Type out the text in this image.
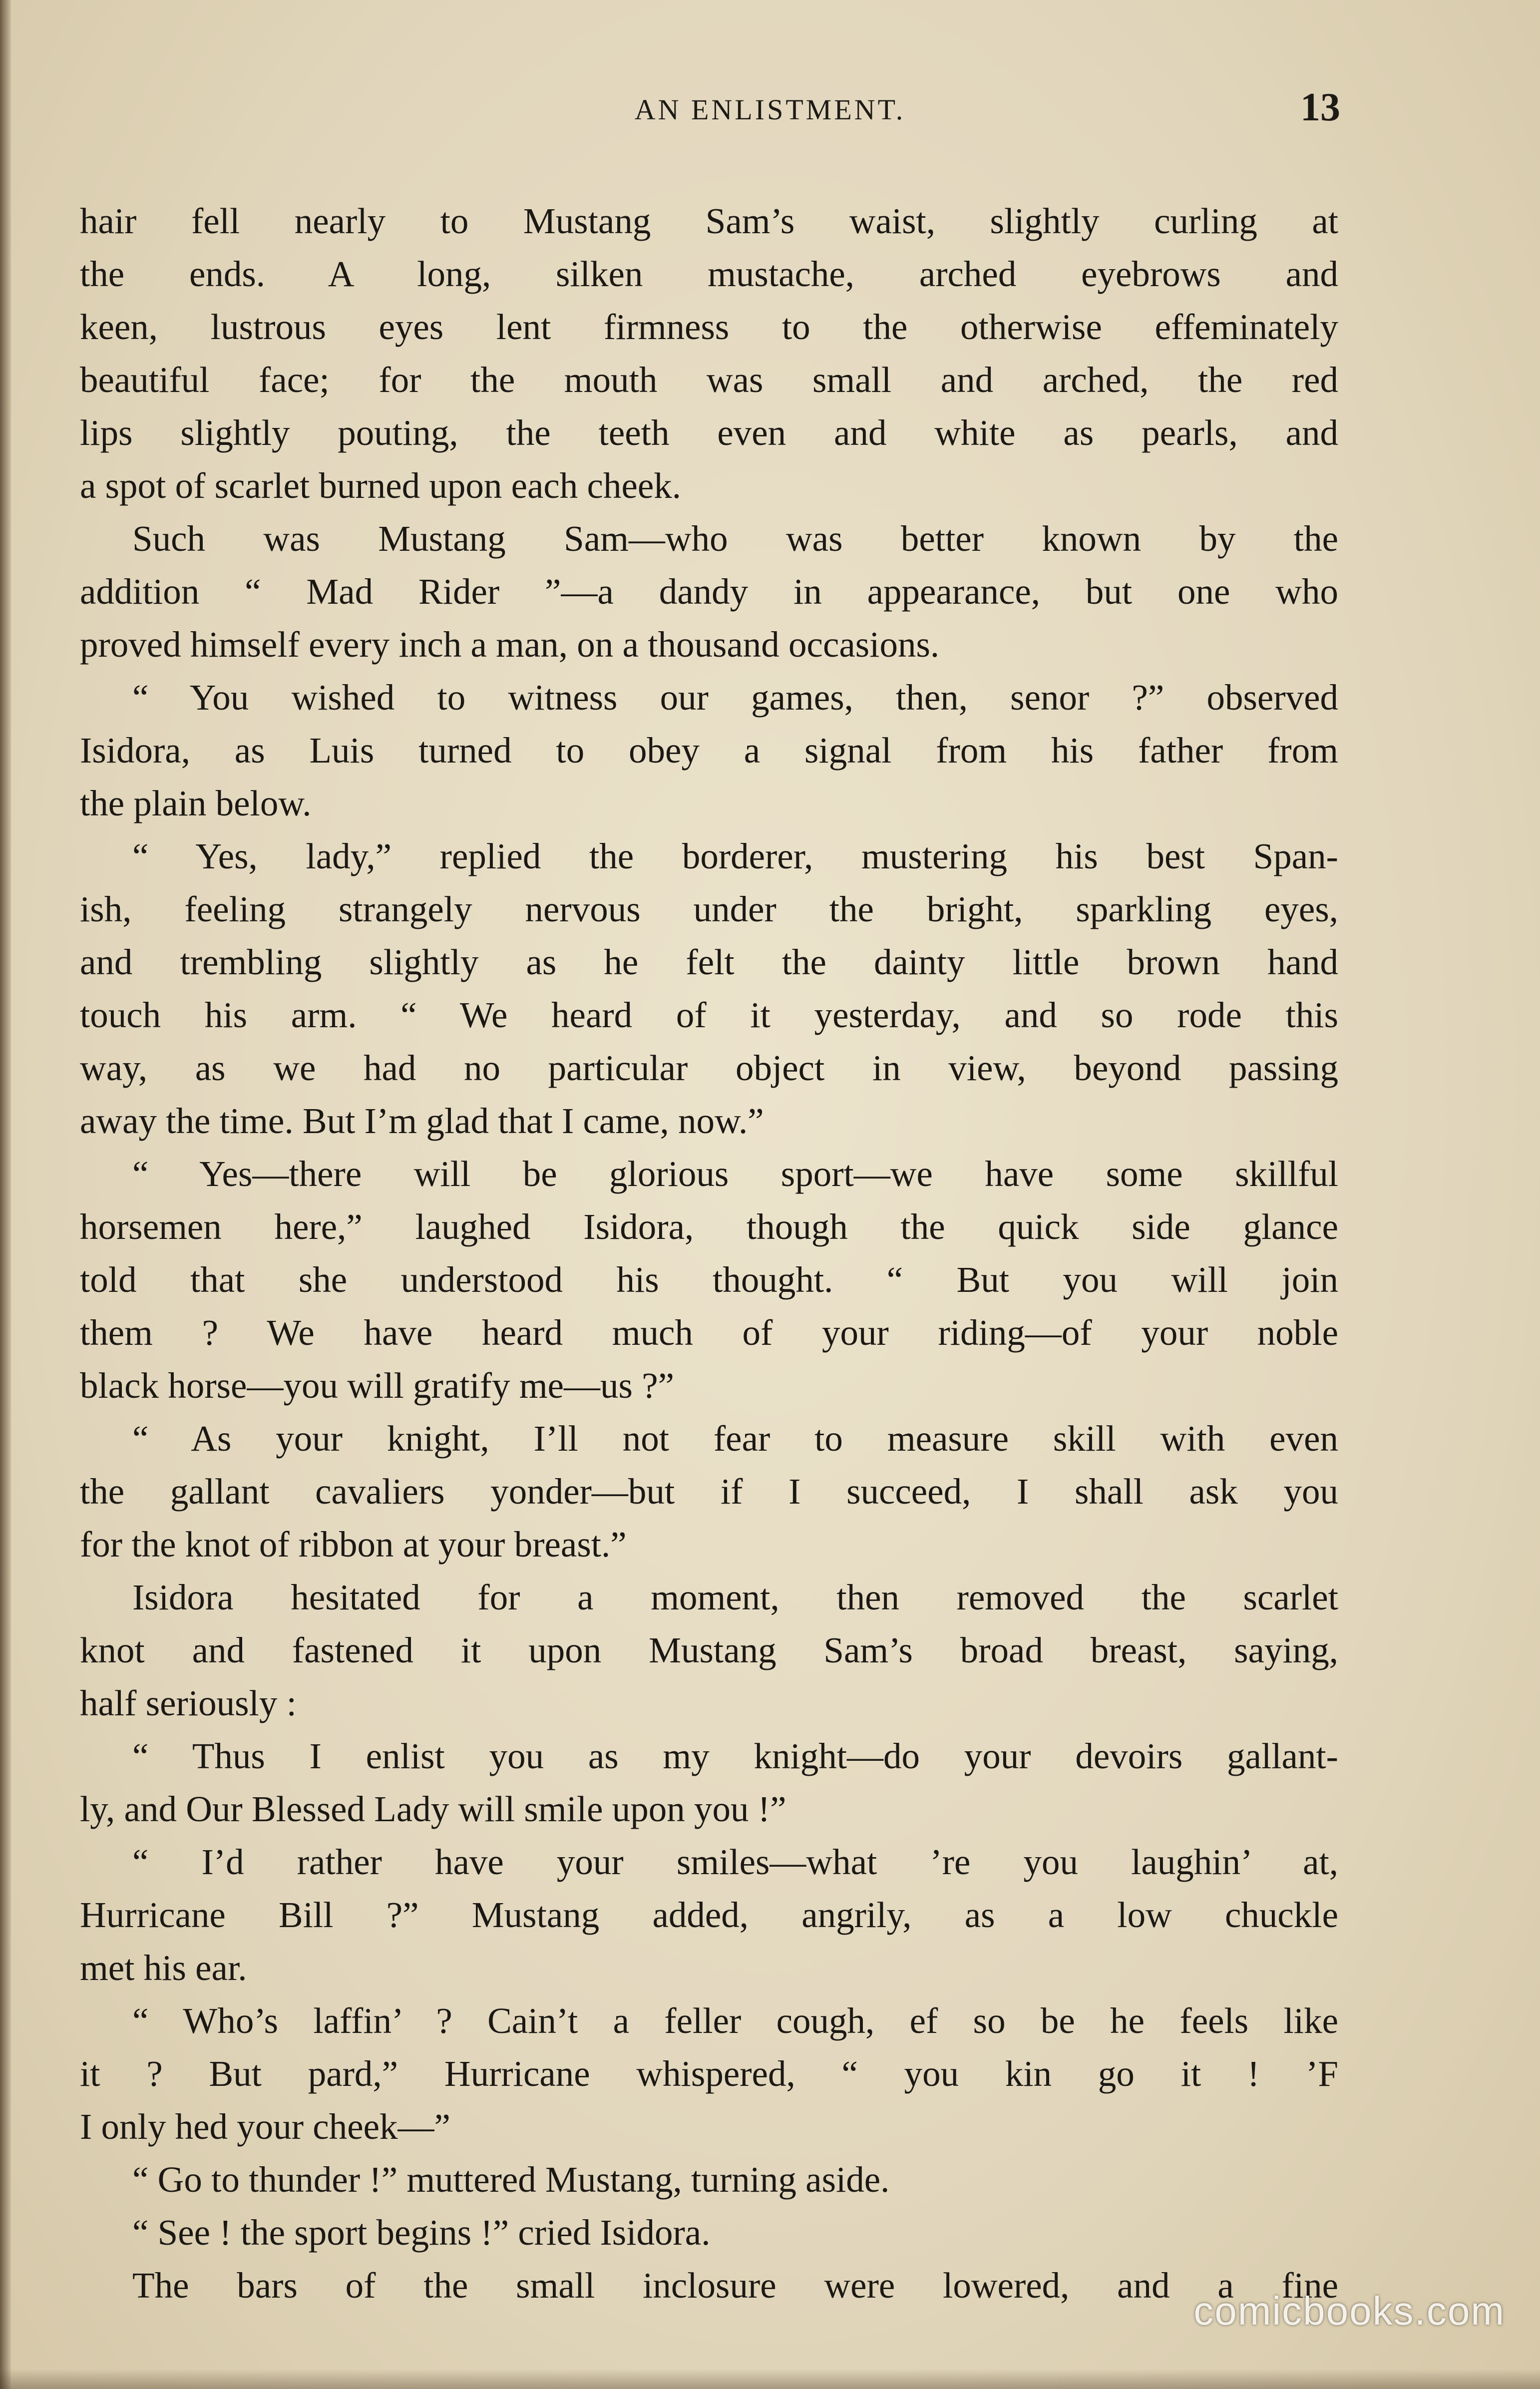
AN ENLISTMENT.	13
hair fell nearly to Mustang Sam’s waist, slightly curling at
the ends. A long, silken mustache, arched eyebrows and
keen, lustrous eyes lent firmness to the otherwise effeminately
beautiful face; for the mouth was small and arched, the red
lips slightly pouting, the teeth even and white as pearls, and
a spot of scarlet burned upon each cheek.
Such was Mustang Sam—who was better known by the
addition “ Mad Rider ”—a dandy in appearance, but one who
proved himself every inch a man, on a thousand occasions.
“ You wished to witness our games, then, senor ?” observed
Isidora, as Luis turned to obey a signal from his father from
the plain below.
“ Yes, lady,” replied the borderer, mustering his best Span-
ish, feeling strangely nervous under the bright, sparkling eyes,
and trembling slightly as he felt the dainty little brown hand
touch his arm. “ We heard of it yesterday, and so rode this
way, as we had no particular object in view, beyond passing
away the time. But I’m glad that I came, now.”
“ Yes—there will be glorious sport—we have some skillful
horsemen here,” laughed Isidora, though the quick side glance
told that she understood his thought. “ But you will join
them ? We have heard much of your riding—of your noble
black horse—you will gratify me—us ?”
“ As your knight, I’ll not fear to measure skill with even
the gallant cavaliers yonder—but if I succeed, I shall ask you
for the knot of ribbon at your breast.”
Isidora hesitated for a moment, then removed the scarlet
knot and fastened it upon Mustang Sam’s broad breast, saying,
half seriously :
“ Thus I enlist you as my knight—do your devoirs gallant-
ly, and Our Blessed Lady will smile upon you !”
“ I’d rather have your smiles—what ’re you laughin’ at,
Hurricane Bill ?” Mustang added, angrily, as a low chuckle
met his ear.
“ Who’s laffin’ ? Cain’t a feller cough, ef so be he feels like
it ? But pard,” Hurricane whispered, “ you kin go it ! ’F
I only hed your cheek—”
“ Go to thunder !” muttered Mustang, turning aside.
“ See ! the sport begins !” cried Isidora.
The bars of the small inclosure were lowered, and a fine
comicbooks.com
